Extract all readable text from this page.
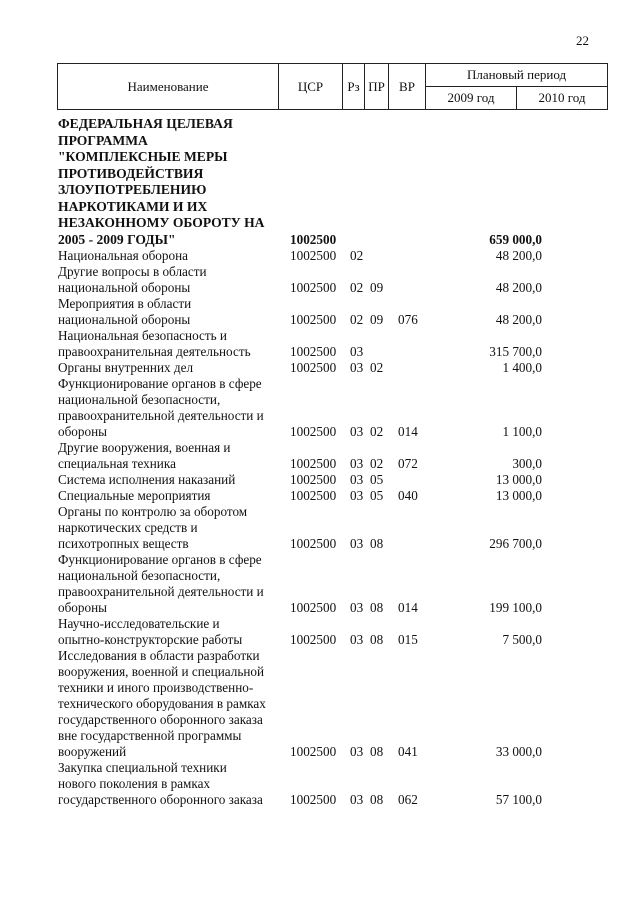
22
Наименование	ЦСР	Рз	ПР	ВР	Плановый период	
					2009 год	2010 год
ФЕДЕРАЛЬНАЯ ЦЕЛЕВАЯ
ПРОГРАММА
"КОМПЛЕКСНЫЕ МЕРЫ
ПРОТИВОДЕЙСТВИЯ
ЗЛОУПОТРЕБЛЕНИЮ
НАРКОТИКАМИ И ИХ
НЕЗАКОННОМУ ОБОРОТУ НА
2005 - 2009 ГОДЫ"	1002500	659 000,0
Национальная оборона	1002500	02	48 200,0
Другие вопросы в области
национальной обороны	1002500	02 09	48 200,0
Мероприятия в области
национальной обороны	1002500	02 09	076	48 200,0
Национальная безопасность и
правоохранительная деятельность	1002500	03	315 700,0
Органы внутренних дел	1002500	03 02	1 400,0
Функционирование органов в сфере
национальной безопасности,
правоохранительной деятельности и
обороны	1002500	03 02	014	1 100,0
Другие вооружения, военная и
специальная техника	1002500	03 02	072	300,0
Система исполнения наказаний	1002500	03 05	13 000,0
Специальные мероприятия	1002500	03 05	040	13 000,0
Органы по контролю за оборотом
наркотических средств и
психотропных веществ	1002500	03 08	296 700,0
Функционирование органов в сфере
национальной безопасности,
правоохранительной деятельности и
обороны	1002500	03 08	014	199 100,0
Научно-исследовательские и
опытно-конструкторские работы	1002500	03 08	015	7 500,0
Исследования в области разработки
вооружения, военной и специальной
техники и иного производственно-
технического оборудования в рамках
государственного оборонного заказа
вне государственной программы
вооружений	1002500	03 08	041	33 000,0
Закупка специальной техники
нового поколения в рамках
государственного оборонного заказа	1002500	03 08	062	57 100,0
